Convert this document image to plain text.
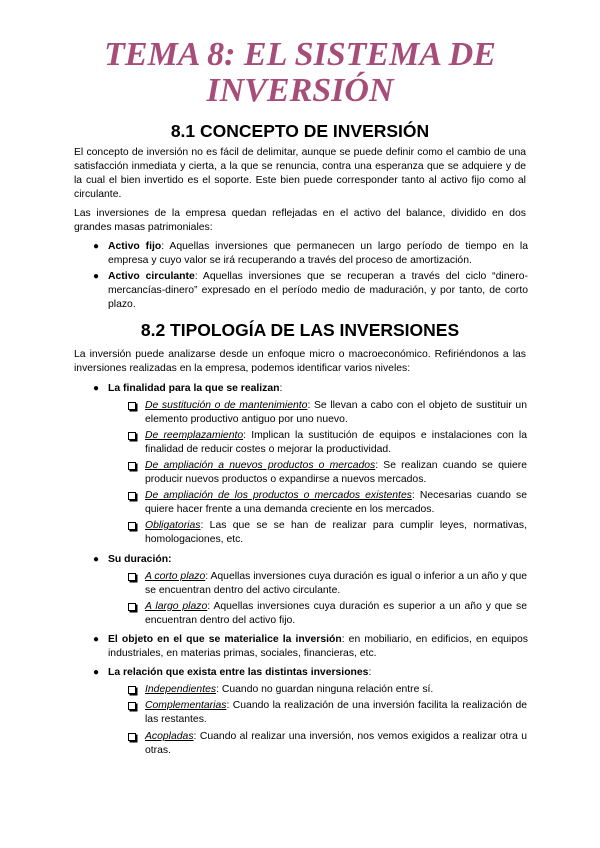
TEMA 8: EL SISTEMA DE
INVERSIÓN
8.1 CONCEPTO DE INVERSIÓN

El concepto de inversión no es fácil de delimitar, aunque se puede definir como el cambio de una satisfacción inmediata y cierta, a la que se renuncia, contra una esperanza que se adquiere y de la cual el bien invertido es el soporte. Este bien puede corresponder tanto al activo fijo como al circulante.

Las inversiones de la empresa quedan reflejadas en el activo del balance, dividido en dos grandes masas patrimoniales:

● Activo fijo: Aquellas inversiones que permanecen un largo período de tiempo en la empresa y cuyo valor se irá recuperando a través del proceso de amortización.
● Activo circulante: Aquellas inversiones que se recuperan a través del ciclo “dinero-mercancías-dinero” expresado en el período medio de maduración, y por tanto, de corto plazo.
8.2 TIPOLOGÍA DE LAS INVERSIONES

La inversión puede analizarse desde un enfoque micro o macroeconómico. Refiriéndonos a las inversiones realizadas en la empresa, podemos identificar varios niveles:

● La finalidad para la que se realizan:
De sustitución o de mantenimiento: Se llevan a cabo con el objeto de sustituir un elemento productivo antiguo por uno nuevo.
De reemplazamiento: Implican la sustitución de equipos e instalaciones con la finalidad de reducir costes o mejorar la productividad.
De ampliación a nuevos productos o mercados: Se realizan cuando se quiere producir nuevos productos o expandirse a nuevos mercados.
De ampliación de los productos o mercados existentes: Necesarias cuando se quiere hacer frente a una demanda creciente en los mercados.
Obligatorias: Las que se se han de realizar para cumplir leyes, normativas, homologaciones, etc.
● Su duración:
A corto plazo: Aquellas inversiones cuya duración es igual o inferior a un año y que se encuentran dentro del activo circulante.
A largo plazo: Aquellas inversiones cuya duración es superior a un año y que se encuentran dentro del activo fijo.
● El objeto en el que se materialice la inversión: en mobiliario, en edificios, en equipos industriales, en materias primas, sociales, financieras, etc.
● La relación que exista entre las distintas inversiones:
Independientes: Cuando no guardan ninguna relación entre sí.
Complementarias: Cuando la realización de una inversión facilita la realización de las restantes.
Acopladas: Cuando al realizar una inversión, nos vemos exigidos a realizar otra u otras.
